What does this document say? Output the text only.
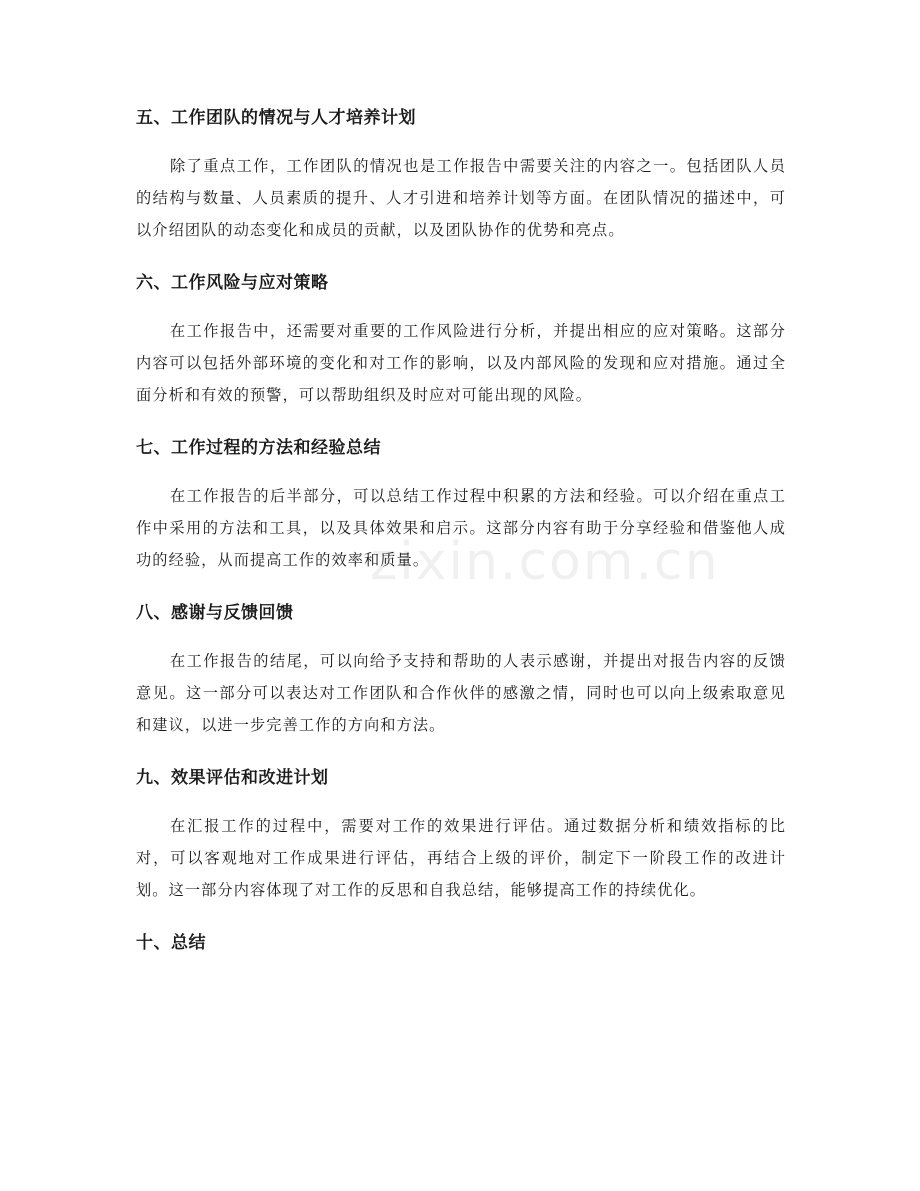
zixin.com.cn
五、工作团队的情况与人才培养计划

除了重点工作，工作团队的情况也是工作报告中需要关注的内容之一。包括团队人员的结构与数量、人员素质的提升、人才引进和培养计划等方面。在团队情况的描述中，可以介绍团队的动态变化和成员的贡献，以及团队协作的优势和亮点。

六、工作风险与应对策略

在工作报告中，还需要对重要的工作风险进行分析，并提出相应的应对策略。这部分内容可以包括外部环境的变化和对工作的影响，以及内部风险的发现和应对措施。通过全面分析和有效的预警，可以帮助组织及时应对可能出现的风险。

七、工作过程的方法和经验总结

在工作报告的后半部分，可以总结工作过程中积累的方法和经验。可以介绍在重点工作中采用的方法和工具，以及具体效果和启示。这部分内容有助于分享经验和借鉴他人成功的经验，从而提高工作的效率和质量。

八、感谢与反馈回馈

在工作报告的结尾，可以向给予支持和帮助的人表示感谢，并提出对报告内容的反馈意见。这一部分可以表达对工作团队和合作伙伴的感激之情，同时也可以向上级索取意见和建议，以进一步完善工作的方向和方法。

九、效果评估和改进计划

在汇报工作的过程中，需要对工作的效果进行评估。通过数据分析和绩效指标的比对，可以客观地对工作成果进行评估，再结合上级的评价，制定下一阶段工作的改进计划。这一部分内容体现了对工作的反思和自我总结，能够提高工作的持续优化。

十、总结
